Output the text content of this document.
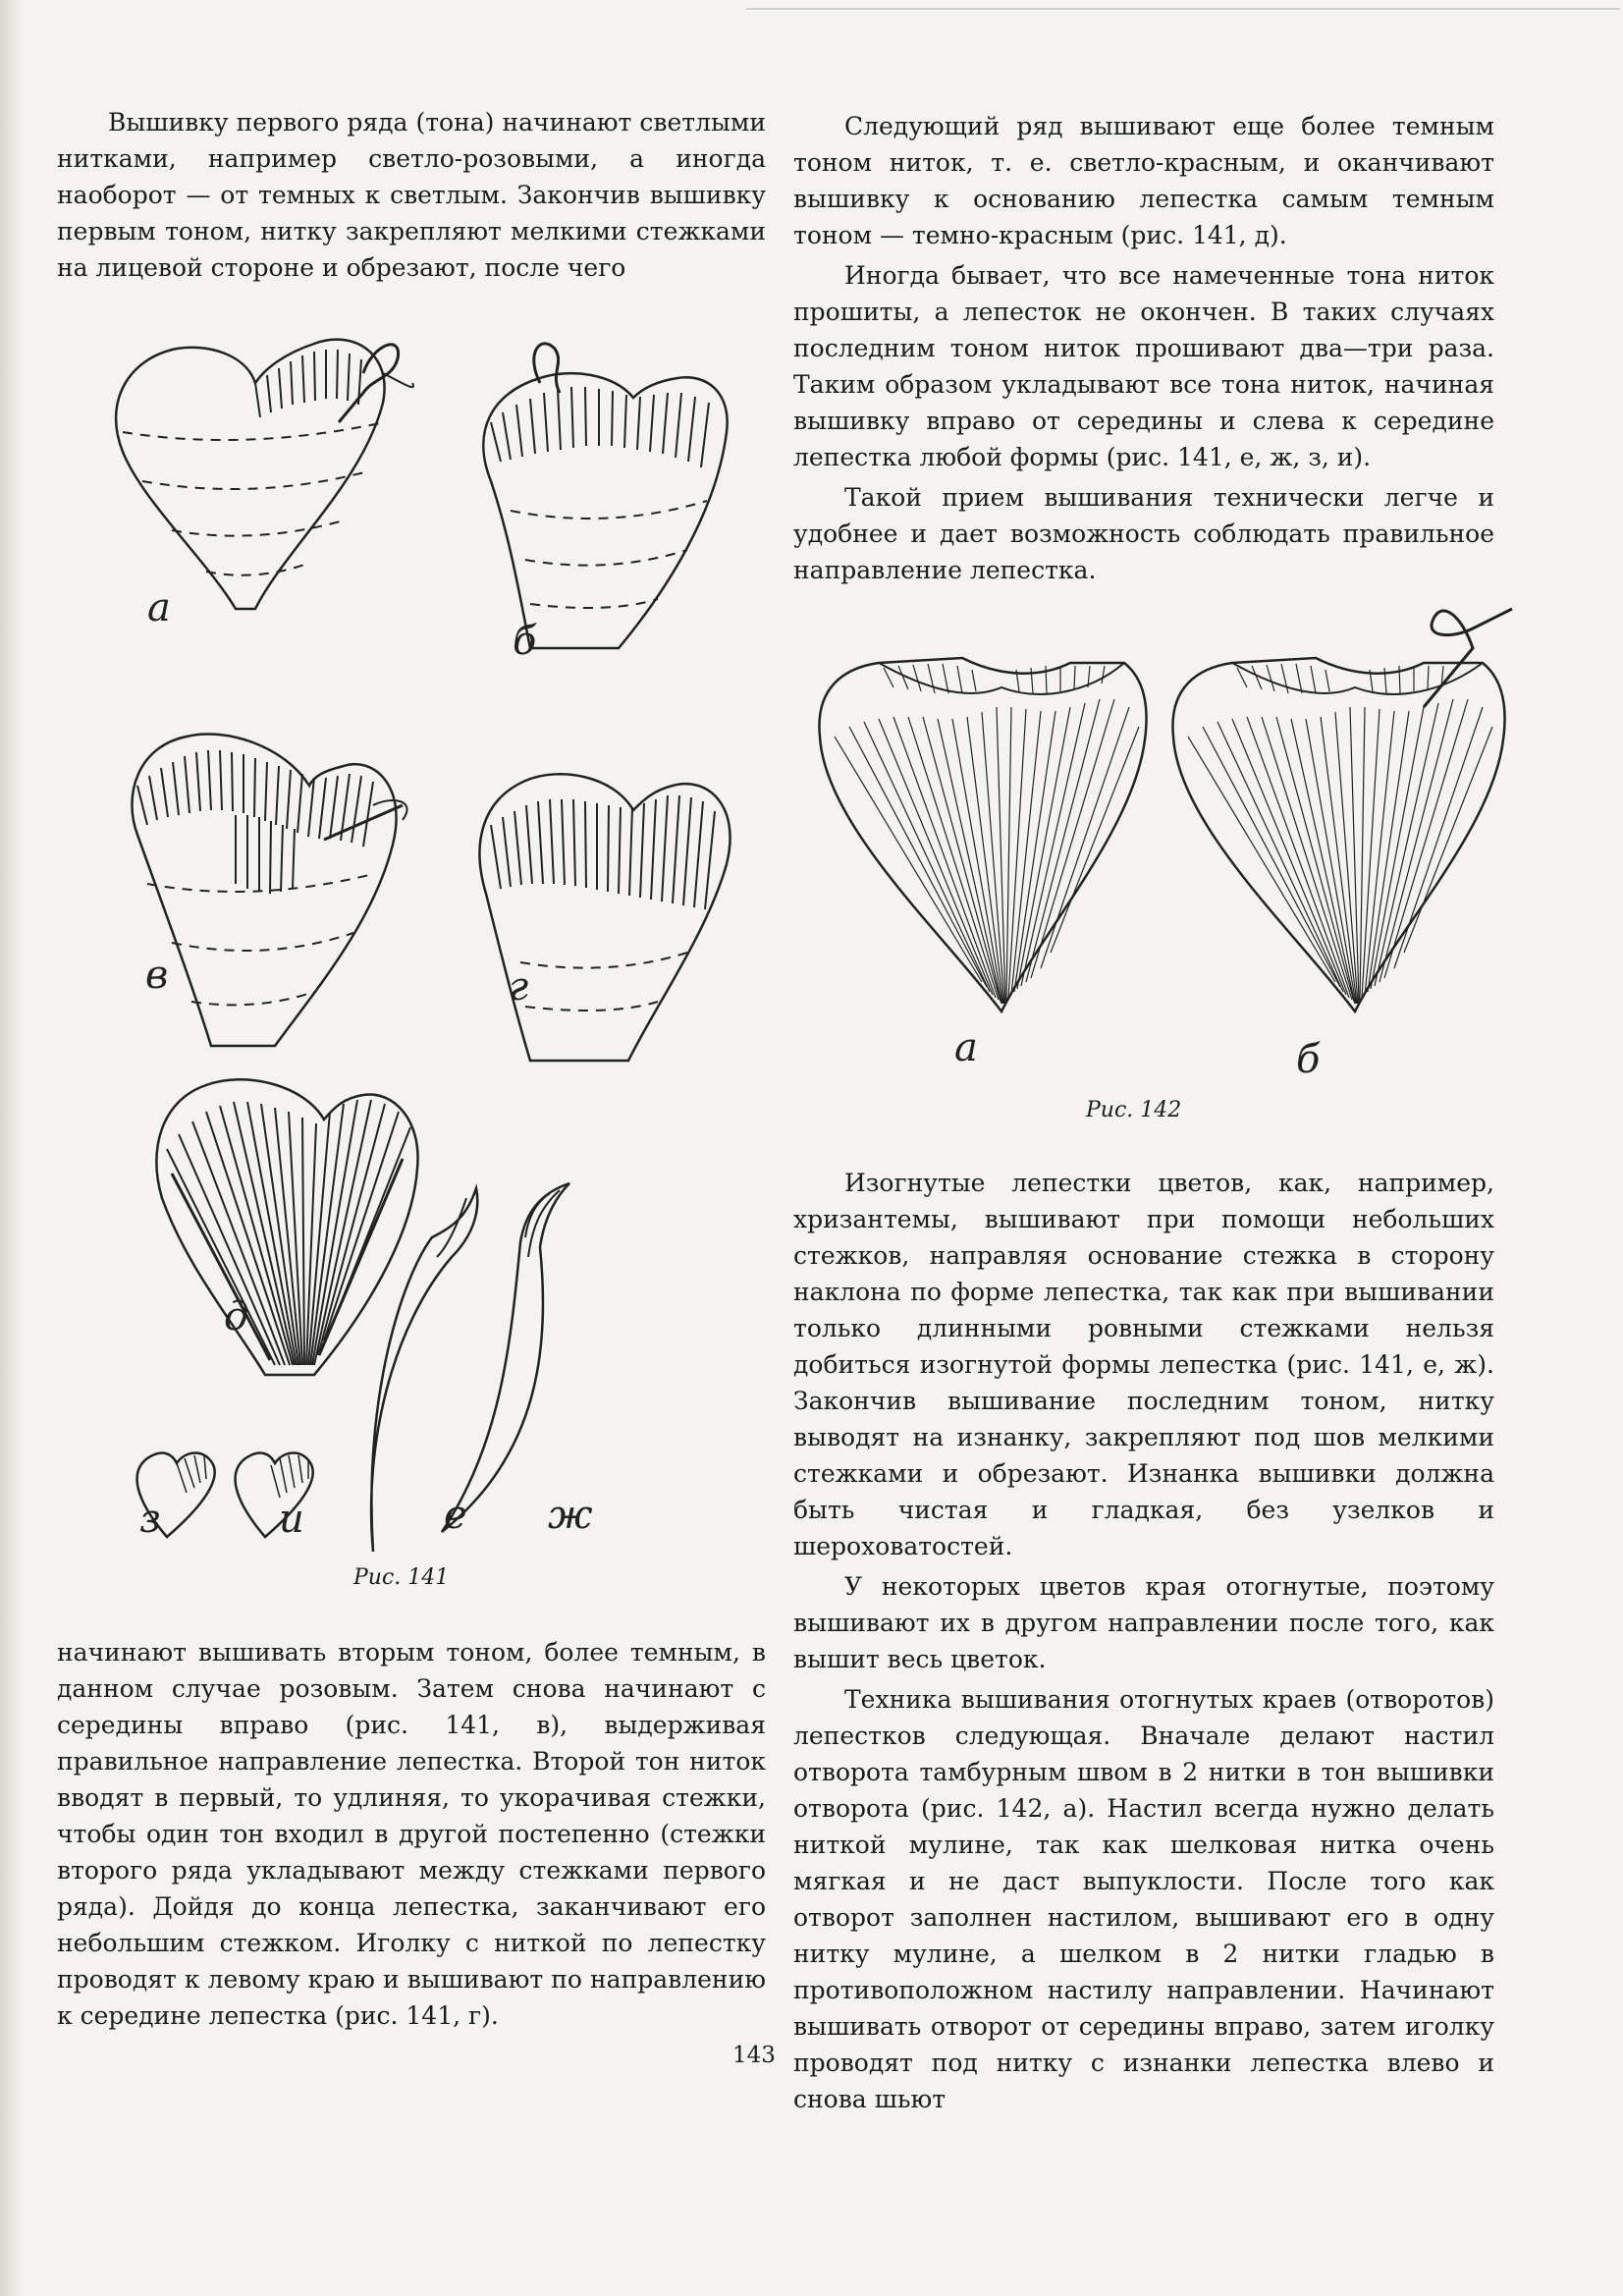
Вышивку первого ряда (тона) начинают светлыми нитками, например светло-розовыми, а иногда наоборот — от темных к светлым. Закончив вышивку первым тоном, нитку закрепляют мелкими стежками на лицевой стороне и обрезают, после чего

начинают вышивать вторым тоном, более темным, в данном случае розовым. Затем снова начинают с середины вправо (рис. 141, в), выдерживая правильное направление лепестка. Второй тон ниток вводят в первый, то удлиняя, то укорачивая стежки, чтобы один тон входил в другой постепенно (стежки второго ряда укладывают между стежками первого ряда). Дойдя до конца лепестка, заканчивают его небольшим стежком. Иголку с ниткой по лепестку проводят к левому краю и вышивают по направлению к середине лепестка (рис. 141, г).

Следующий ряд вышивают еще более темным тоном ниток, т. е. светло-красным, и оканчивают вышивку к основанию лепестка самым темным тоном — темно-красным (рис. 141, д).

Иногда бывает, что все намеченные тона ниток прошиты, а лепесток не окончен. В таких случаях последним тоном ниток прошивают два—три раза. Таким образом укладывают все тона ниток, начиная вышивку вправо от середины и слева к середине лепестка любой формы (рис. 141, е, ж, з, и).

Такой прием вышивания технически легче и удобнее и дает возможность соблюдать правильное направление лепестка.

Изогнутые лепестки цветов, как, например, хризантемы, вышивают при помощи небольших стежков, направляя основание стежка в сторону наклона по форме лепестка, так как при вышивании только длинными ровными стежками нельзя добиться изогнутой формы лепестка (рис. 141, е, ж). Закончив вышивание последним тоном, нитку выводят на изнанку, закрепляют под шов мелкими стежками и обрезают. Изнанка вышивки должна быть чистая и гладкая, без узелков и шероховатостей.

У некоторых цветов края отогнутые, поэтому вышивают их в другом направлении после того, как вышит весь цветок.

Техника вышивания отогнутых краев (отворотов) лепестков следующая. Вначале делают настил отворота тамбурным швом в 2 нитки в тон вышивки отворота (рис. 142, а). Настил всегда нужно делать ниткой мулине, так как шелковая нитка очень мягкая и не даст выпуклости. После того как отворот заполнен настилом, вышивают его в одну нитку мулине, а шелком в 2 нитки гладью в противоположном настилу направлении. Начинают вышивать отворот от середины вправо, затем иголку проводят под нитку с изнанки лепестка влево и снова шьют

а
б
в	г
д
з	и	е ж
Рис. 141
а	б
Рис. 142
143
